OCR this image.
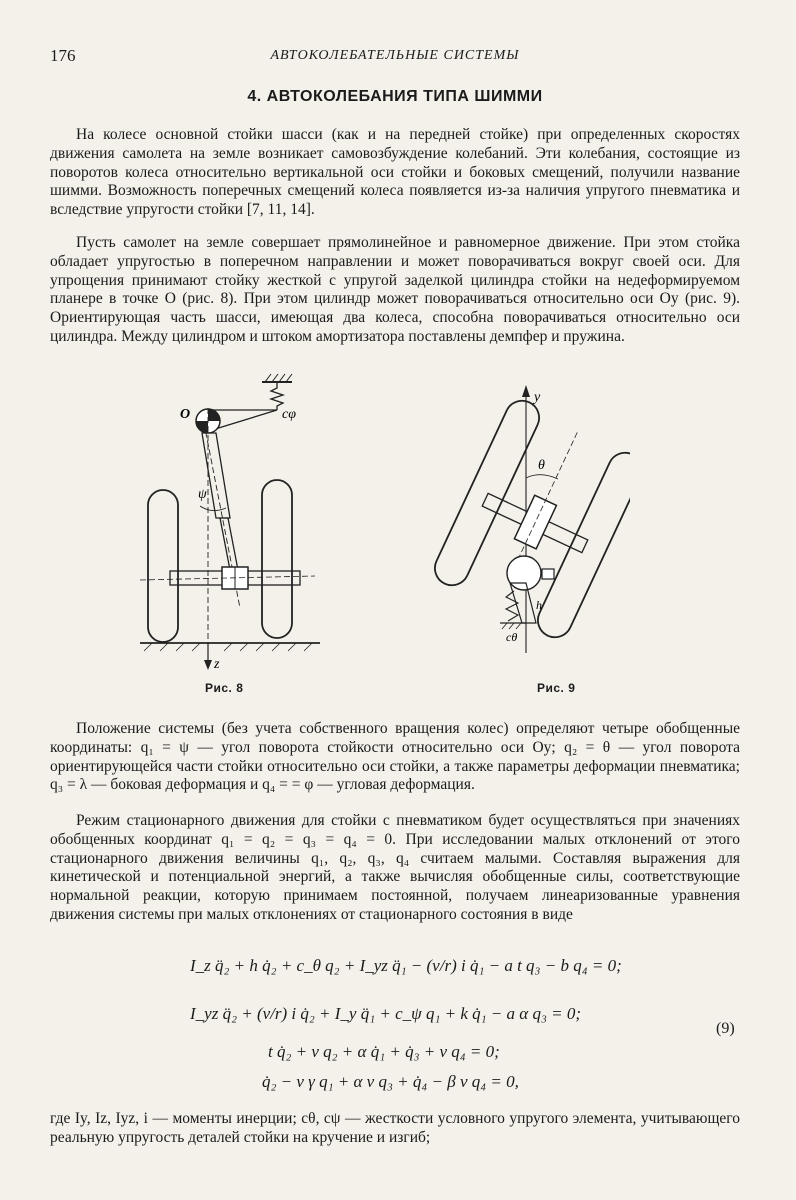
176	АВТОКОЛЕБАТЕЛЬНЫЕ СИСТЕМЫ
4. АВТОКОЛЕБАНИЯ ТИПА ШИММИ

На колесе основной стойки шасси (как и на передней стойке) при определенных скоростях движения самолета на земле возникает самовозбуждение колебаний. Эти колебания, состоящие из поворотов колеса относительно вертикальной оси стойки и боковых смещений, получили название шимми. Возможность поперечных смещений колеса появляется из-за наличия упругого пневматика и вследствие упругости стойки [7, 11, 14].

Пусть самолет на земле совершает прямолинейное и равномерное движение. При этом стойка обладает упругостью в поперечном направлении и может поворачиваться вокруг своей оси. Для упрощения принимают стойку жесткой с упругой заделкой цилиндра стойки на недеформируемом планере в точке O (рис. 8). При этом цилиндр может поворачиваться относительно оси Oy (рис. 9). Ориентирующая часть шасси, имеющая два колеса, способна поворачиваться относительно оси цилиндра. Между цилиндром и штоком амортизатора поставлены демпфер и пружина.

O	cφ
ψ
z
Рис. 8
y
θ
h
cθ
Рис. 9

Положение системы (без учета собственного вращения колес) определяют четыре обобщенные координаты: q₁ = ψ — угол поворота стойкости относительно оси Oy; q₂ = θ — угол поворота ориентирующейся части стойки относительно оси стойки, а также параметры деформации пневматика; q₃ = λ — боковая деформация и q₄ = = φ — угловая деформация.

Режим стационарного движения для стойки с пневматиком будет осуществляться при значениях обобщенных координат q₁ = q₂ = q₃ = q₄ = 0. При исследовании малых отклонений от этого стационарного движения величины q₁, q₂, q₃, q₄ считаем малыми. Составляя выражения для кинетической и потенциальной энергий, а также вычисляя обобщенные силы, соответствующие нормальной реакции, которую принимаем постоянной, получаем линеаризованные уравнения движения системы при малых отклонениях от стационарного состояния в виде

I_z q̈₂ + h q̇₂ + c_θ q₂ + I_yz q̈₁ − (v/r) i q̇₁ − a t q₃ − b q₄ = 0;
I_yz q̈₂ + (v/r) i q̇₂ + I_y q̈₁ + c_ψ q₁ + k q̇₁ − a α q₃ = 0;
t q̇₂ + v q₂ + α q̇₁ + q̇₃ + v q₄ = 0;
q̇₂ − v γ q₁ + α v q₃ + q̇₄ − β v q₄ = 0,
(9)

где Iy, Iz, Iyz, i — моменты инерции; cθ, cψ — жесткости условного упругого элемента, учитывающего реальную упругость деталей стойки на кручение и изгиб;
